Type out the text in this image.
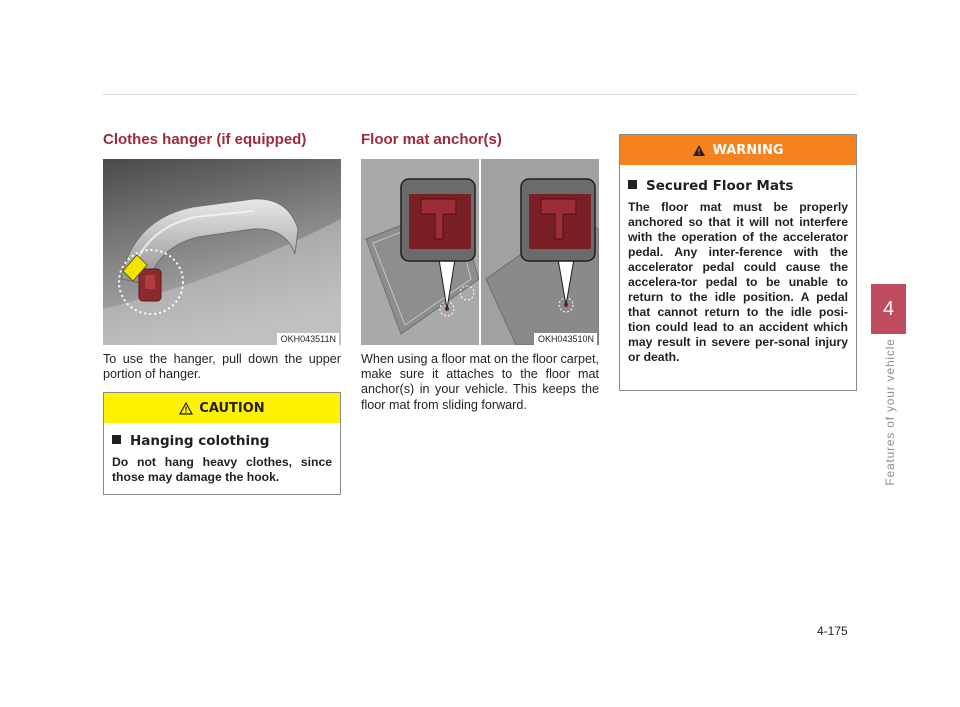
Clothes hanger (if equipped)
OKH043511N

To use the hanger, pull down the upper portion of hanger.

CAUTION
Hanging colothing

Do not hang heavy clothes, since those may damage the hook.

Floor mat anchor(s)
OKH043510N

When using a floor mat on the floor carpet, make sure it attaches to the floor mat anchor(s) in your vehicle. This keeps the floor mat from sliding forward.

WARNING
Secured Floor Mats

The floor mat must be properly anchored so that it will not interfere with the operation of the accelerator pedal. Any inter-ference with the accelerator pedal could cause the accelera-tor pedal to be unable to return to the idle position. A pedal that cannot return to the idle posi-tion could lead to an accident which may result in severe per-sonal injury or death.

4
Features of your vehicle
4-175
